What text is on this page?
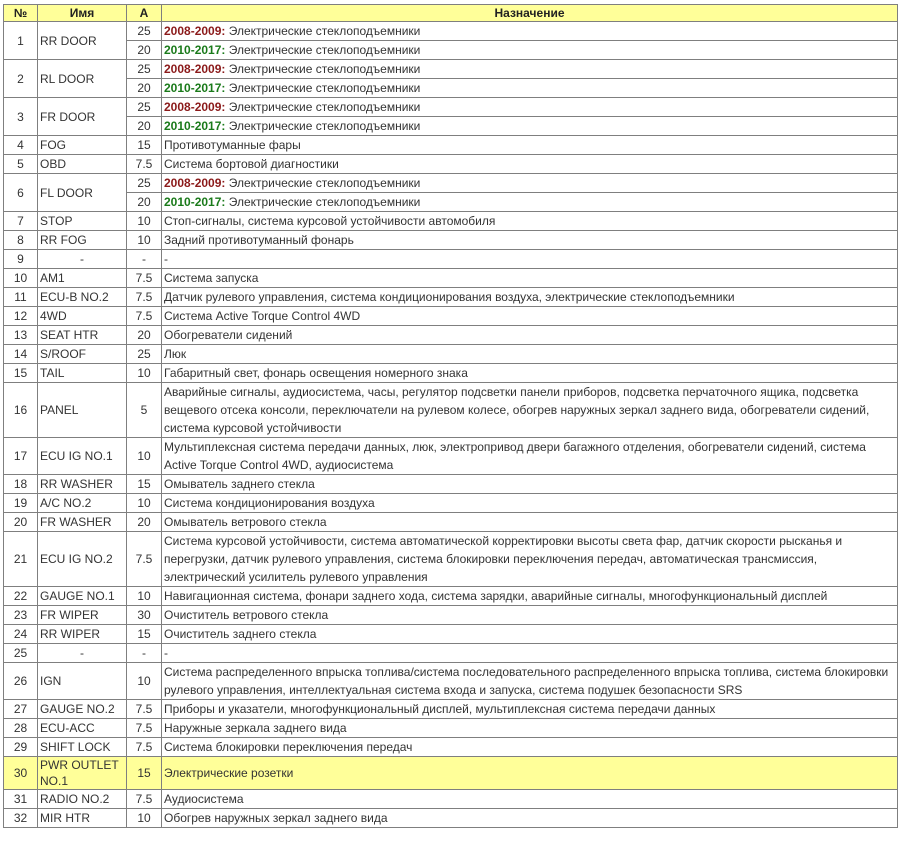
№	Имя	A	Назначение
1	RR DOOR	25	2008-2009: Электрические стеклоподъемники
		20	2010-2017: Электрические стеклоподъемники
2	RL DOOR	25	2008-2009: Электрические стеклоподъемники
		20	2010-2017: Электрические стеклоподъемники
3	FR DOOR	25	2008-2009: Электрические стеклоподъемники
		20	2010-2017: Электрические стеклоподъемники
4	FOG	15	Противотуманные фары
5	OBD	7.5	Система бортовой диагностики
6	FL DOOR	25	2008-2009: Электрические стеклоподъемники
		20	2010-2017: Электрические стеклоподъемники
7	STOP	10	Стоп-сигналы, система курсовой устойчивости автомобиля
8	RR FOG	10	Задний противотуманный фонарь
9	-	-	-
10	AM1	7.5	Система запуска
11	ECU-B NO.2	7.5	Датчик рулевого управления, система кондиционирования воздуха, электрические стеклоподъемники
12	4WD	7.5	Система Active Torque Control 4WD
13	SEAT HTR	20	Обогреватели сидений
14	S/ROOF	25	Люк
15	TAIL	10	Габаритный свет, фонарь освещения номерного знака
16	PANEL	5	Аварийные сигналы, аудиосистема, часы, регулятор подсветки панели приборов, подсветка перчаточного ящика, подсветка вещевого отсека консоли, переключатели на рулевом колесе, обогрев наружных зеркал заднего вида, обогреватели сидений, система курсовой устойчивости
17	ECU IG NO.1	10	Мультиплексная система передачи данных, люк, электропривод двери багажного отделения, обогреватели сидений, система Active Torque Control 4WD, аудиосистема
18	RR WASHER	15	Омыватель заднего стекла
19	A/C NO.2	10	Система кондиционирования воздуха
20	FR WASHER	20	Омыватель ветрового стекла
21	ECU IG NO.2	7.5	Система курсовой устойчивости, система автоматической корректировки высоты света фар, датчик скорости рысканья и перегрузки, датчик рулевого управления, система блокировки переключения передач, автоматическая трансмиссия, электрический усилитель рулевого управления
22	GAUGE NO.1	10	Навигационная система, фонари заднего хода, система зарядки, аварийные сигналы, многофункциональный дисплей
23	FR WIPER	30	Очиститель ветрового стекла
24	RR WIPER	15	Очиститель заднего стекла
25	-	-	-
26	IGN	10	Система распределенного впрыска топлива/система последовательного распределенного впрыска топлива, система блокировки рулевого управления, интеллектуальная система входа и запуска, система подушек безопасности SRS
27	GAUGE NO.2	7.5	Приборы и указатели, многофункциональный дисплей, мультиплексная система передачи данных
28	ECU-ACC	7.5	Наружные зеркала заднего вида
29	SHIFT LOCK	7.5	Система блокировки переключения передач
30	PWR OUTLET NO.1	15	Электрические розетки
31	RADIO NO.2	7.5	Аудиосистема
32	MIR HTR	10	Обогрев наружных зеркал заднего вида
